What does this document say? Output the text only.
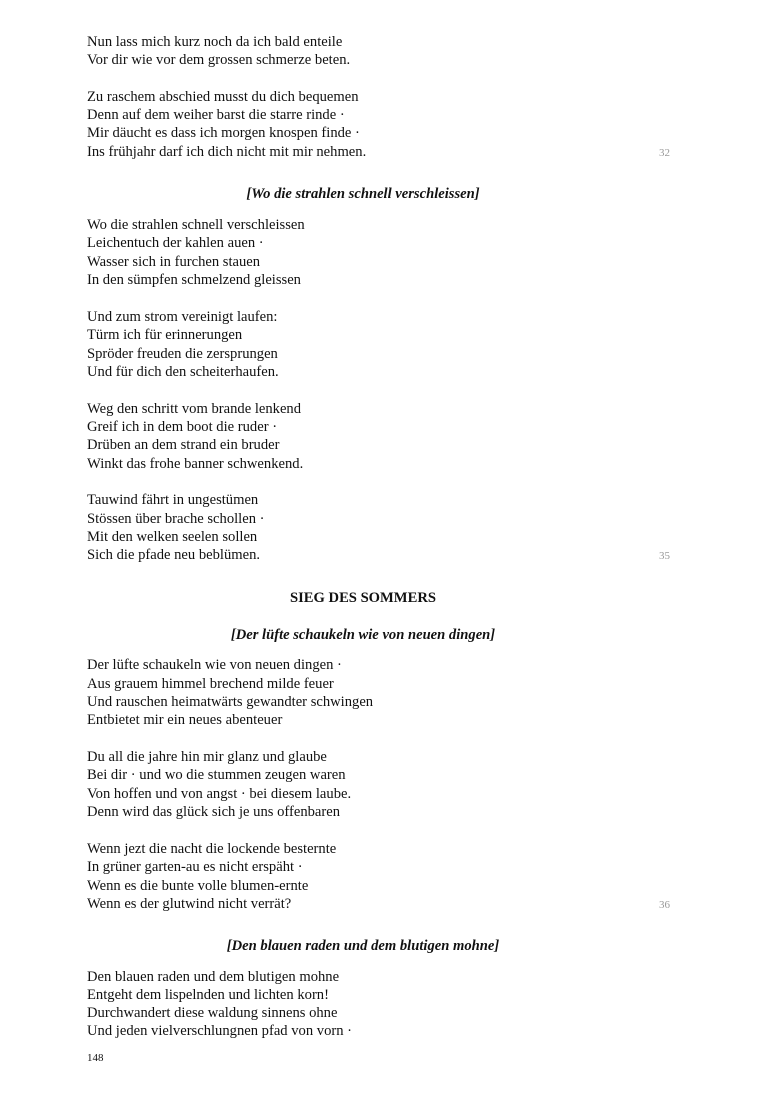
Nun lass mich kurz noch da ich bald enteile
Vor dir wie vor dem grossen schmerze beten.
Zu raschem abschied musst du dich bequemen
Denn auf dem weiher barst die starre rinde ·
Mir däucht es dass ich morgen knospen finde ·
Ins frühjahr darf ich dich nicht mit mir nehmen.	32
[Wo die strahlen schnell verschleissen]
Wo die strahlen schnell verschleissen
Leichentuch der kahlen auen ·
Wasser sich in furchen stauen
In den sümpfen schmelzend gleissen
Und zum strom vereinigt laufen:
Türm ich für erinnerungen
Spröder freuden die zersprungen
Und für dich den scheiterhaufen.
Weg den schritt vom brande lenkend
Greif ich in dem boot die ruder ·
Drüben an dem strand ein bruder
Winkt das frohe banner schwenkend.
Tauwind fährt in ungestümen
Stössen über brache schollen ·
Mit den welken seelen sollen
Sich die pfade neu beblümen.	35
SIEG DES SOMMERS
[Der lüfte schaukeln wie von neuen dingen]
Der lüfte schaukeln wie von neuen dingen ·
Aus grauem himmel brechend milde feuer
Und rauschen heimatwärts gewandter schwingen
Entbietet mir ein neues abenteuer
Du all die jahre hin mir glanz und glaube
Bei dir · und wo die stummen zeugen waren
Von hoffen und von angst · bei diesem laube.
Denn wird das glück sich je uns offenbaren
Wenn jezt die nacht die lockende besternte
In grüner garten-au es nicht erspäht ·
Wenn es die bunte volle blumen-ernte
Wenn es der glutwind nicht verrät?	36
[Den blauen raden und dem blutigen mohne]
Den blauen raden und dem blutigen mohne
Entgeht dem lispelnden und lichten korn!
Durchwandert diese waldung sinnens ohne
Und jeden vielverschlungnen pfad von vorn ·
148
